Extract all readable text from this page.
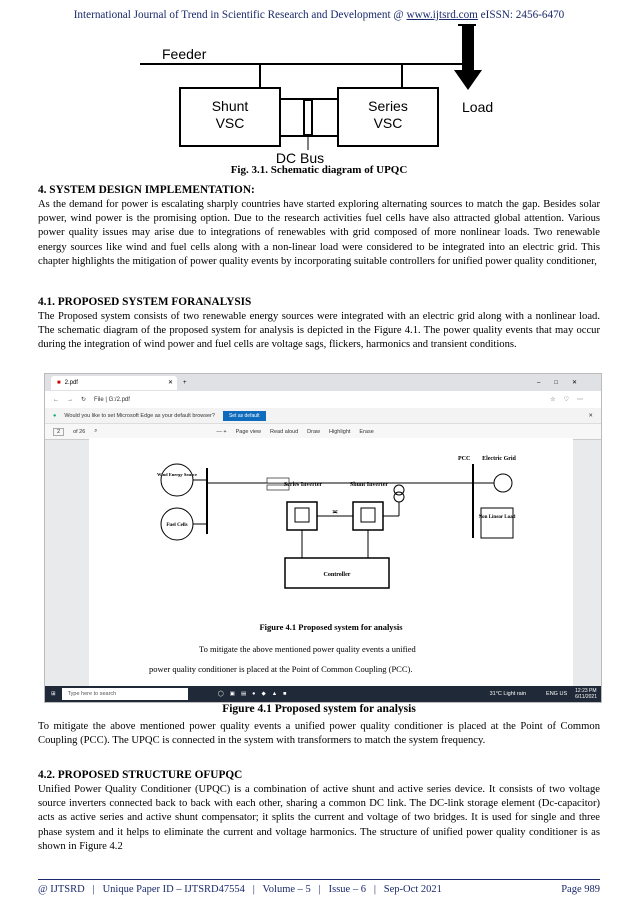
International Journal of Trend in Scientific Research and Development @ www.ijtsrd.com eISSN: 2456-6470
Feeder
Shunt
VSC
Series
VSC
Load
DC Bus
Fig. 3.1. Schematic diagram of UPQC
4. SYSTEM DESIGN IMPLEMENTATION:
As the demand for power is escalating sharply countries have started exploring alternating sources to match the gap. Besides solar power, wind power is the promising option. Due to the research activities fuel cells have also attracted global attention. Various power quality issues may arise due to integrations of renewables with grid composed of more nonlinear loads. Two renewable energy sources like wind and fuel cells along with a non-linear load were considered to be integrated into an electric grid. This chapter highlights the mitigation of power quality events by incorporating suitable controllers for unified power quality conditioner,
4.1. PROPOSED SYSTEM FORANALYSIS
The Proposed system consists of two renewable energy sources were integrated with an electric grid along with a nonlinear load. The schematic diagram of the proposed system for analysis is depicted in the Figure 4.1. The power quality events that may occur during the integration of wind power and fuel cells are voltage sags, flickers, harmonics and transient conditions.
■ 2.pdf	✕ +	–□✕
← → ↻ File | G:/2.pdf	☆♡⋯
● Would you like to set Microsoft Edge as your default browser?	Set as default	✕
2	of 26 ⌕	— + Page view Read aloud Draw Highlight Erase
Wind Energy Source
Fuel Cells
Series Inverter	Shunt Inverter
≍
PCC Electric Grid
Non Linear Load
Controller
Figure 4.1 Proposed system for analysis
To mitigate the above mentioned power quality events a unified
power quality conditioner is placed at the Point of Common Coupling (PCC).
⊞ Type here to search	◯▣▤●◆▲■	31°C Light rain	ENG US 12:23 PM
6/11/2021
Figure 4.1 Proposed system for analysis
To mitigate the above mentioned power quality events a unified power quality conditioner is placed at the Point of Common Coupling (PCC). The UPQC is connected in the system with transformers to match the system frequency.
4.2. PROPOSED STRUCTURE OFUPQC
Unified Power Quality Conditioner (UPQC) is a combination of active shunt and active series device. It consists of two voltage source inverters connected back to back with each other, sharing a common DC link. The DC-link storage element (Dc-capacitor) acts as active series and active shunt compensator; it splits the current and voltage of two bridges. It is used for single and three phase system and it helps to eliminate the current and voltage harmonics. The structure of unified power quality conditioner is as shown in Figure 4.2
@ IJTSRD   |   Unique Paper ID – IJTSRD47554   |   Volume – 5   |   Issue – 6   |   Sep-Oct 2021	Page 989
